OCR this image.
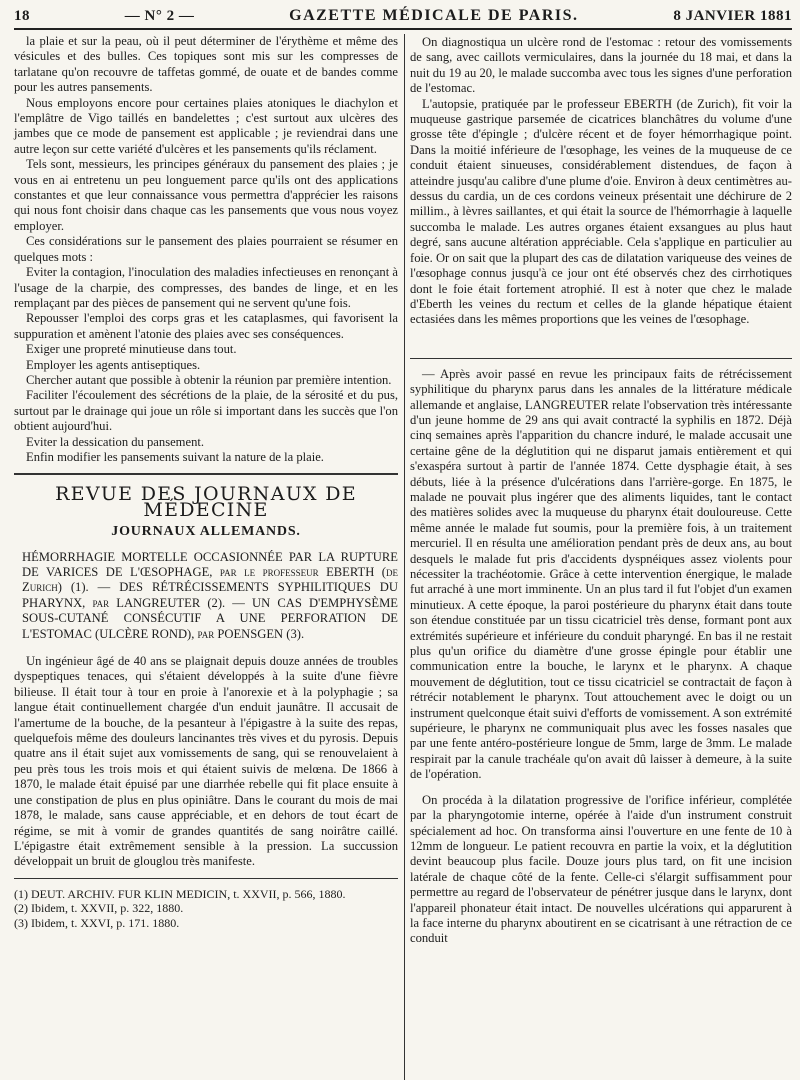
18	— N° 2 —	GAZETTE MÉDICALE DE PARIS.	8 JANVIER 1881

la plaie et sur la peau, où il peut déterminer de l'érythème et même des vésicules et des bulles. Ces topiques sont mis sur les compresses de tarlatane qu'on recouvre de taffetas gommé, de ouate et de bandes comme pour les autres pansements.

Nous employons encore pour certaines plaies atoniques le diachylon et l'emplâtre de Vigo taillés en bandelettes ; c'est surtout aux ulcères des jambes que ce mode de pansement est applicable ; je reviendrai dans une autre leçon sur cette variété d'ulcères et les pansements qu'ils réclament.

Tels sont, messieurs, les principes généraux du pansement des plaies ; je vous en ai entretenu un peu longuement parce qu'ils ont des applications constantes et que leur connaissance vous permettra d'apprécier les raisons qui nous font choisir dans chaque cas les pansements que vous nous voyez employer.

Ces considérations sur le pansement des plaies pourraient se résumer en quelques mots :

Eviter la contagion, l'inoculation des maladies infectieuses en renonçant à l'usage de la charpie, des compresses, des bandes de linge, et en les remplaçant par des pièces de pansement qui ne servent qu'une fois.

Repousser l'emploi des corps gras et les cataplasmes, qui favorisent la suppuration et amènent l'atonie des plaies avec ses conséquences.

Exiger une propreté minutieuse dans tout.

Employer les agents antiseptiques.

Chercher autant que possible à obtenir la réunion par première intention.

Faciliter l'écoulement des sécrétions de la plaie, de la sérosité et du pus, surtout par le drainage qui joue un rôle si important dans les succès que l'on obtient aujourd'hui.

Eviter la dessication du pansement.

Enfin modifier les pansements suivant la nature de la plaie.

REVUE DES JOURNAUX DE MÉDECINE
JOURNAUX ALLEMANDS.

HÉMORRHAGIE MORTELLE OCCASIONNÉE PAR LA RUPTURE DE VARICES DE L'ŒSOPHAGE, par le professeur EBERTH (de Zurich) (1). — DES RÉTRÉCISSEMENTS SYPHILITIQUES DU PHARYNX, par LANGREUTER (2). — UN CAS D'EMPHYSÈME SOUS-CUTANÉ CONSÉCUTIF A UNE PERFORATION DE L'ESTOMAC (ULCÈRE ROND), par POENSGEN (3).

Un ingénieur âgé de 40 ans se plaignait depuis douze années de troubles dyspeptiques tenaces, qui s'étaient développés à la suite d'une fièvre bilieuse. Il était tour à tour en proie à l'anorexie et à la polyphagie ; sa langue était continuellement chargée d'un enduit jaunâtre. Il accusait de l'amertume de la bouche, de la pesanteur à l'épigastre à la suite des repas, quelquefois même des douleurs lancinantes très vives et du pyrosis. Depuis quatre ans il était sujet aux vomissements de sang, qui se renouvelaient à peu près tous les trois mois et qui étaient suivis de melœna. De 1866 à 1870, le malade était épuisé par une diarrhée rebelle qui fit place ensuite à une constipation de plus en plus opiniâtre. Dans le courant du mois de mai 1878, le malade, sans cause appréciable, et en dehors de tout écart de régime, se mit à vomir de grandes quantités de sang noirâtre caillé. L'épigastre était extrêmement sensible à la pression. La succussion développait un bruit de glouglou très manifeste.

(1) DEUT. ARCHIV. FUR KLIN MEDICIN, t. XXVII, p. 566, 1880.
(2) Ibidem, t. XXVII, p. 322, 1880.
(3) Ibidem, t. XXVI, p. 171. 1880.

On diagnostiqua un ulcère rond de l'estomac : retour des vomissements de sang, avec caillots vermiculaires, dans la journée du 18 mai, et dans la nuit du 19 au 20, le malade succomba avec tous les signes d'une perforation de l'estomac.

L'autopsie, pratiquée par le professeur EBERTH (de Zurich), fit voir la muqueuse gastrique parsemée de cicatrices blanchâtres du volume d'une grosse tête d'épingle ; d'ulcère récent et de foyer hémorrhagique point. Dans la moitié inférieure de l'œsophage, les veines de la muqueuse de ce conduit étaient sinueuses, considérablement distendues, de façon à atteindre jusqu'au calibre d'une plume d'oie. Environ à deux centimètres au-dessus du cardia, un de ces cordons veineux présentait une déchirure de 2 millim., à lèvres saillantes, et qui était la source de l'hémorrhagie à laquelle succomba le malade. Les autres organes étaient exsangues au plus haut degré, sans aucune altération appréciable. Cela s'applique en particulier au foie. Or on sait que la plupart des cas de dilatation variqueuse des veines de l'œsophage connus jusqu'à ce jour ont été observés chez des cirrhotiques dont le foie était fortement atrophié. Il est à noter que chez le malade d'Eberth les veines du rectum et celles de la glande hépatique étaient ectasiées dans les mêmes proportions que les veines de l'œsophage.

— Après avoir passé en revue les principaux faits de rétrécissement syphilitique du pharynx parus dans les annales de la littérature médicale allemande et anglaise, LANGREUTER relate l'observation très intéressante d'un jeune homme de 29 ans qui avait contracté la syphilis en 1872. Déjà cinq semaines après l'apparition du chancre induré, le malade accusait une certaine gêne de la déglutition qui ne disparut jamais entièrement et qui s'exaspéra surtout à partir de l'année 1874. Cette dysphagie était, à ses débuts, liée à la présence d'ulcérations dans l'arrière-gorge. En 1875, le malade ne pouvait plus ingérer que des aliments liquides, tant le contact des matières solides avec la muqueuse du pharynx était douloureuse. Cette même année le malade fut soumis, pour la première fois, à un traitement mercuriel. Il en résulta une amélioration pendant près de deux ans, au bout desquels le malade fut pris d'accidents dyspnéiques assez violents pour nécessiter la trachéotomie. Grâce à cette intervention énergique, le malade fut arraché à une mort imminente. Un an plus tard il fut l'objet d'un examen minutieux. A cette époque, la paroi postérieure du pharynx était dans toute son étendue constituée par un tissu cicatriciel très dense, formant pont aux extrémités supérieure et inférieure du conduit pharyngé. En bas il ne restait plus qu'un orifice du diamètre d'une grosse épingle pour établir une communication entre la bouche, le larynx et le pharynx. A chaque mouvement de déglutition, tout ce tissu cicatriciel se contractait de façon à rétrécir notablement le pharynx. Tout attouchement avec le doigt ou un instrument quelconque était suivi d'efforts de vomissement. A son extrémité supérieure, le pharynx ne communiquait plus avec les fosses nasales que par une fente antéro-postérieure longue de 5mm, large de 3mm. Le malade respirait par la canule trachéale qu'on avait dû laisser à demeure, à la suite de l'opération.

On procéda à la dilatation progressive de l'orifice inférieur, complétée par la pharyngotomie interne, opérée à l'aide d'un instrument construit spécialement ad hoc. On transforma ainsi l'ouverture en une fente de 10 à 12mm de longueur. Le patient recouvra en partie la voix, et la déglutition devint beaucoup plus facile. Douze jours plus tard, on fit une incision latérale de chaque côté de la fente. Celle-ci s'élargit suffisamment pour permettre au regard de l'observateur de pénétrer jusque dans le larynx, dont l'appareil phonateur était intact. De nouvelles ulcérations qui apparurent à la face interne du pharynx aboutirent en se cicatrisant à une rétraction de ce conduit
